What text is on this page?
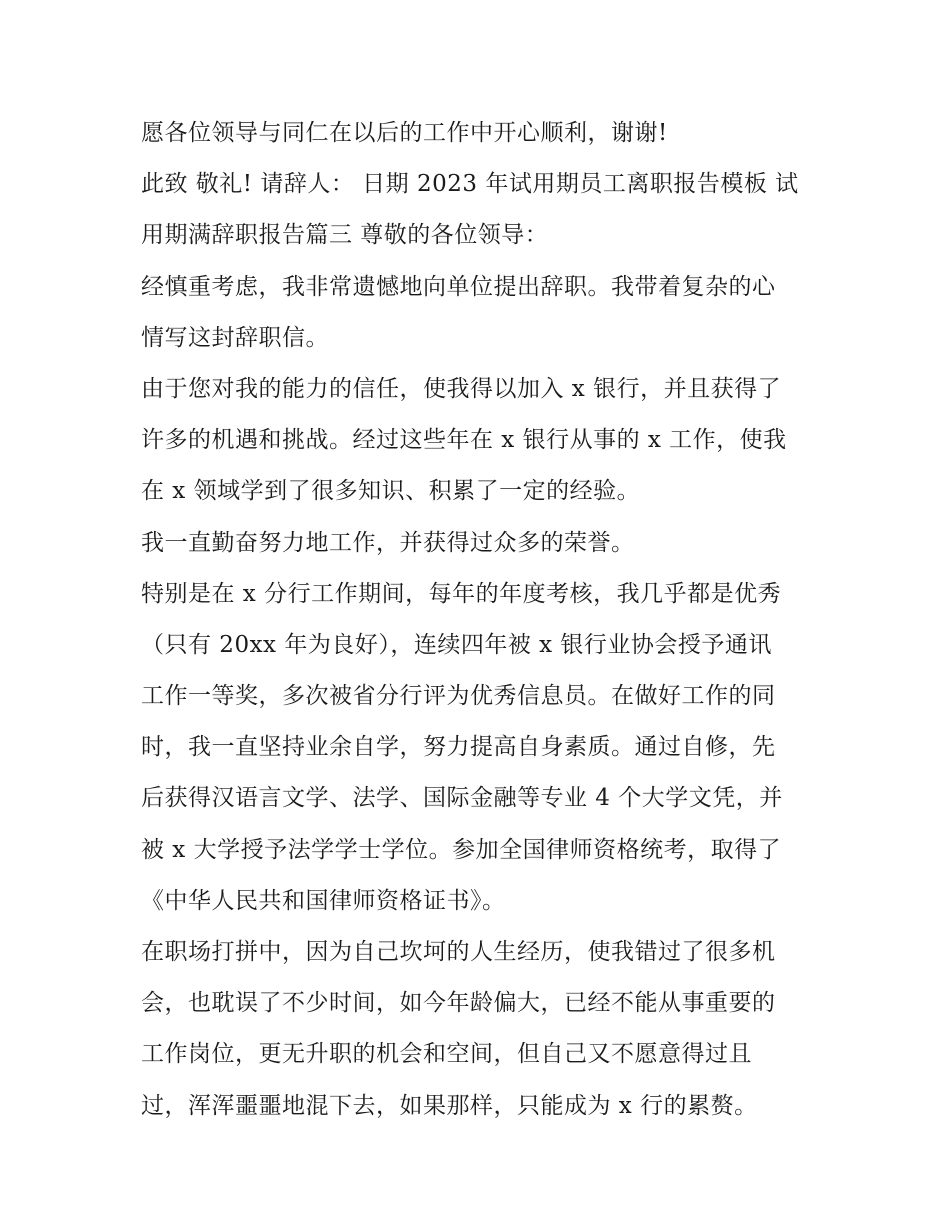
愿各位领导与同仁在以后的工作中开心顺利，谢谢!
此致 敬礼! 请辞人： 日期 2023 年试用期员工离职报告模板 试
用期满辞职报告篇三 尊敬的各位领导：
经慎重考虑，我非常遗憾地向单位提出辞职。我带着复杂的心
情写这封辞职信。
由于您对我的能力的信任，使我得以加入 x 银行，并且获得了
许多的机遇和挑战。经过这些年在 x 银行从事的 x 工作，使我
在 x 领域学到了很多知识、积累了一定的经验。
我一直勤奋努力地工作，并获得过众多的荣誉。
特别是在 x 分行工作期间，每年的年度考核，我几乎都是优秀
（只有 20xx 年为良好），连续四年被 x 银行业协会授予通讯
工作一等奖，多次被省分行评为优秀信息员。在做好工作的同
时，我一直坚持业余自学，努力提高自身素质。通过自修，先
后获得汉语言文学、法学、国际金融等专业 4 个大学文凭，并
被 x 大学授予法学学士学位。参加全国律师资格统考，取得了
《中华人民共和国律师资格证书》。
在职场打拼中，因为自己坎坷的人生经历，使我错过了很多机
会，也耽误了不少时间，如今年龄偏大，已经不能从事重要的
工作岗位，更无升职的机会和空间，但自己又不愿意得过且
过，浑浑噩噩地混下去，如果那样，只能成为 x 行的累赘。
